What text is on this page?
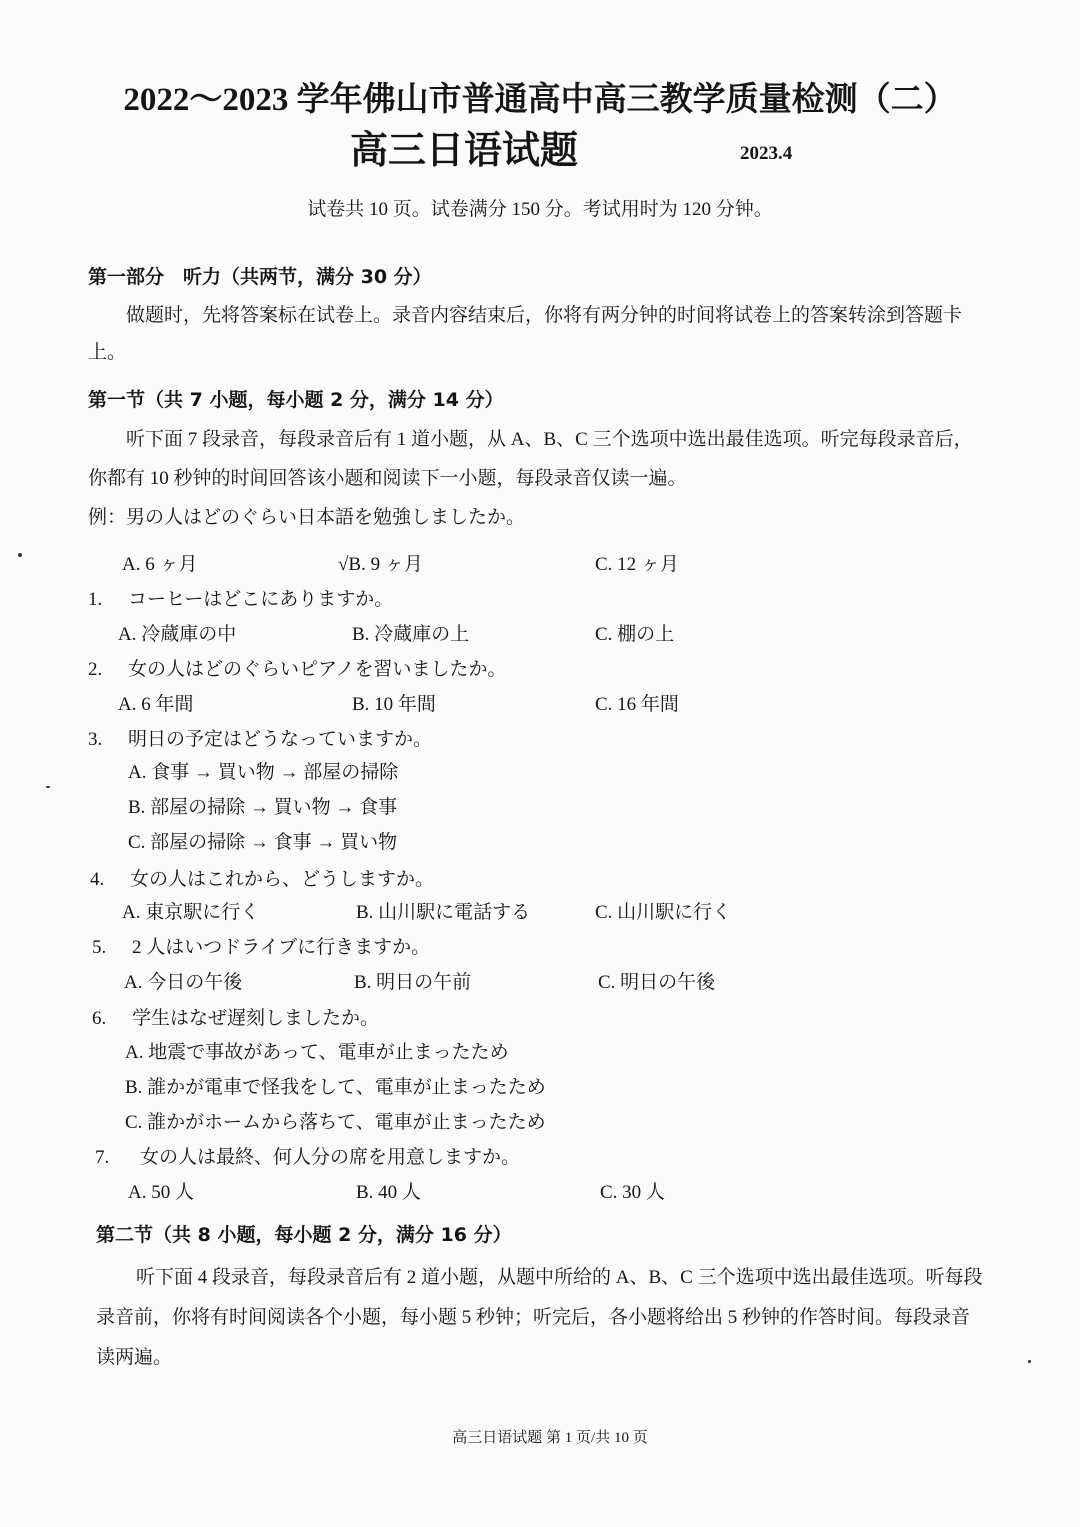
2022～2023 学年佛山市普通高中高三教学质量检测（二）
高三日语试题	2023.4
试卷共 10 页。试卷满分 150 分。考试用时为 120 分钟。
第一部分　听力（共两节，满分 30 分）
做题时，先将答案标在试卷上。录音内容结束后，你将有两分钟的时间将试卷上的答案转涂到答题卡
上。
第一节（共 7 小题，每小题 2 分，满分 14 分）
听下面 7 段录音，每段录音后有 1 道小题，从 A、B、C 三个选项中选出最佳选项。听完每段录音后，
你都有 10 秒钟的时间回答该小题和阅读下一小题，每段录音仅读一遍。
例：男の人はどのぐらい日本語を勉強しましたか。
A. 6 ヶ月	√B. 9 ヶ月	C. 12 ヶ月
1. コーヒーはどこにありますか。
A. 冷蔵庫の中	B. 冷蔵庫の上	C. 棚の上
2. 女の人はどのぐらいピアノを習いましたか。
A. 6 年間	B. 10 年間	C. 16 年間
3. 明日の予定はどうなっていますか。
A. 食事 → 買い物 → 部屋の掃除
B. 部屋の掃除 → 買い物 → 食事
C. 部屋の掃除 → 食事 → 買い物
4. 女の人はこれから、どうしますか。
A. 東京駅に行く	B. 山川駅に電話する	C. 山川駅に行く
5. 2 人はいつドライブに行きますか。
A. 今日の午後	B. 明日の午前	C. 明日の午後
6. 学生はなぜ遅刻しましたか。
A. 地震で事故があって、電車が止まったため
B. 誰かが電車で怪我をして、電車が止まったため
C. 誰かがホームから落ちて、電車が止まったため
7. 女の人は最終、何人分の席を用意しますか。
A. 50 人	B. 40 人	C. 30 人
第二节（共 8 小题，每小题 2 分，满分 16 分）
听下面 4 段录音，每段录音后有 2 道小题，从题中所给的 A、B、C 三个选项中选出最佳选项。听每段
录音前，你将有时间阅读各个小题，每小题 5 秒钟；听完后，各小题将给出 5 秒钟的作答时间。每段录音
读两遍。
高三日语试题 第 1 页/共 10 页
